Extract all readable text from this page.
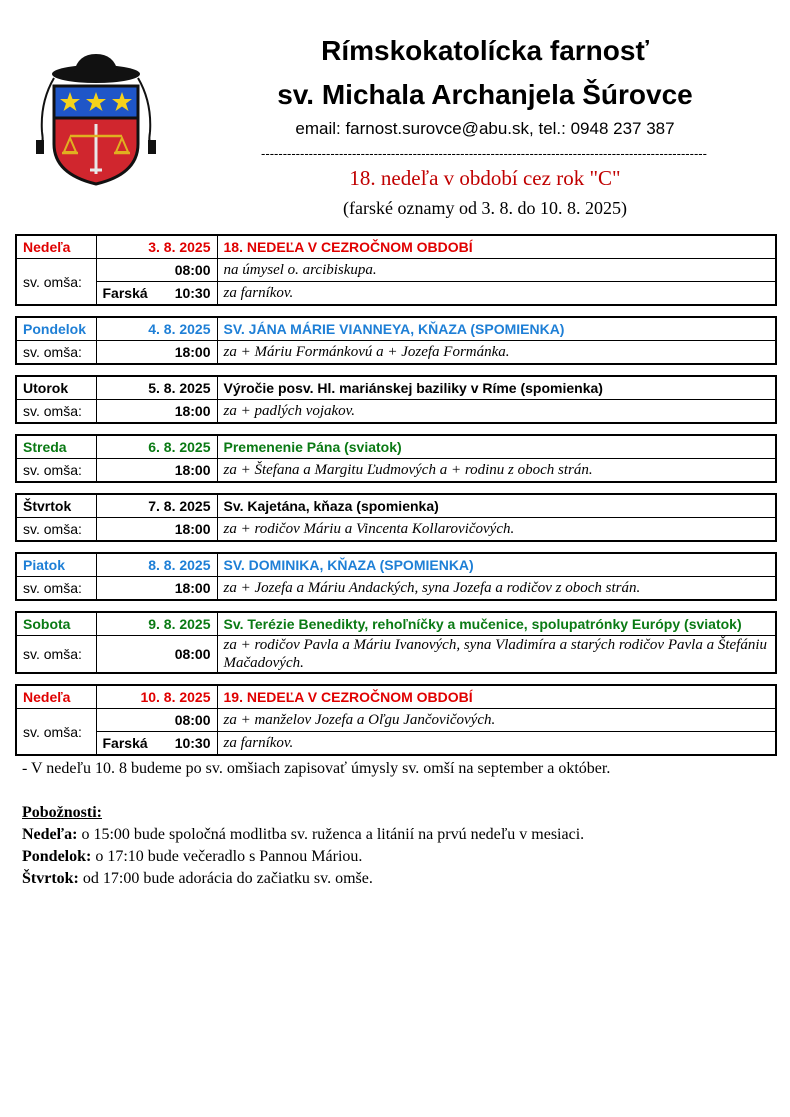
Rímskokatolícka farnosť
sv. Michala Archanjela Šúrovce
email: farnost.surovce@abu.sk, tel.: 0948 237 387
-------------------------------------------------------------------------------------------------------
18. nedeľa v období cez rok "C"
(farské oznamy od 3. 8. do 10. 8. 2025)
Nedeľa	3. 8. 2025	18. NEDEĽA V CEZROČNOM OBDOBÍ
sv. omša:	08:00	na úmysel o. arcibiskupa.

	Farská 10:30	za farníkov.
Pondelok	4. 8. 2025	SV. JÁNA MÁRIE VIANNEYA, KŇAZA (SPOMIENKA)
sv. omša:	18:00	za + Máriu Formánkovú a + Jozefa Formánka.
Utorok	5. 8. 2025	Výročie posv. Hl. mariánskej baziliky v Ríme (spomienka)
sv. omša:	18:00	za + padlých vojakov.
Streda	6. 8. 2025	Premenenie Pána (sviatok)
sv. omša:	18:00	za + Štefana a Margitu Ľudmových a + rodinu z oboch strán.
Štvrtok	7. 8. 2025	Sv. Kajetána, kňaza (spomienka)
sv. omša:	18:00	za + rodičov Máriu a Vincenta Kollarovičových.
Piatok	8. 8. 2025	SV. DOMINIKA, KŇAZA (SPOMIENKA)
sv. omša:	18:00	za + Jozefa a Máriu Andackých, syna Jozefa a rodičov z oboch strán.
Sobota	9. 8. 2025	Sv. Terézie Benedikty, rehoľníčky a mučenice, spolupatrónky Európy (sviatok)
sv. omša:	08:00	za + rodičov Pavla a Máriu Ivanových, syna Vladimíra a starých rodičov Pavla a Štefániu Mačadových.
Nedeľa	10. 8. 2025	19. NEDEĽA V CEZROČNOM OBDOBÍ
sv. omša:	08:00	za + manželov Jozefa a Oľgu Jančovičových.

	Farská 10:30	za farníkov.

- V nedeľu 10. 8 budeme po sv. omšiach zapisovať úmysly sv. omší na september a október.

Pobožnosti:

Nedeľa: o 15:00 bude spoločná modlitba sv. ruženca a litánií na prvú nedeľu v mesiaci.

Pondelok: o 17:10 bude večeradlo s Pannou Máriou.

Štvrtok: od 17:00 bude adorácia do začiatku sv. omše.
